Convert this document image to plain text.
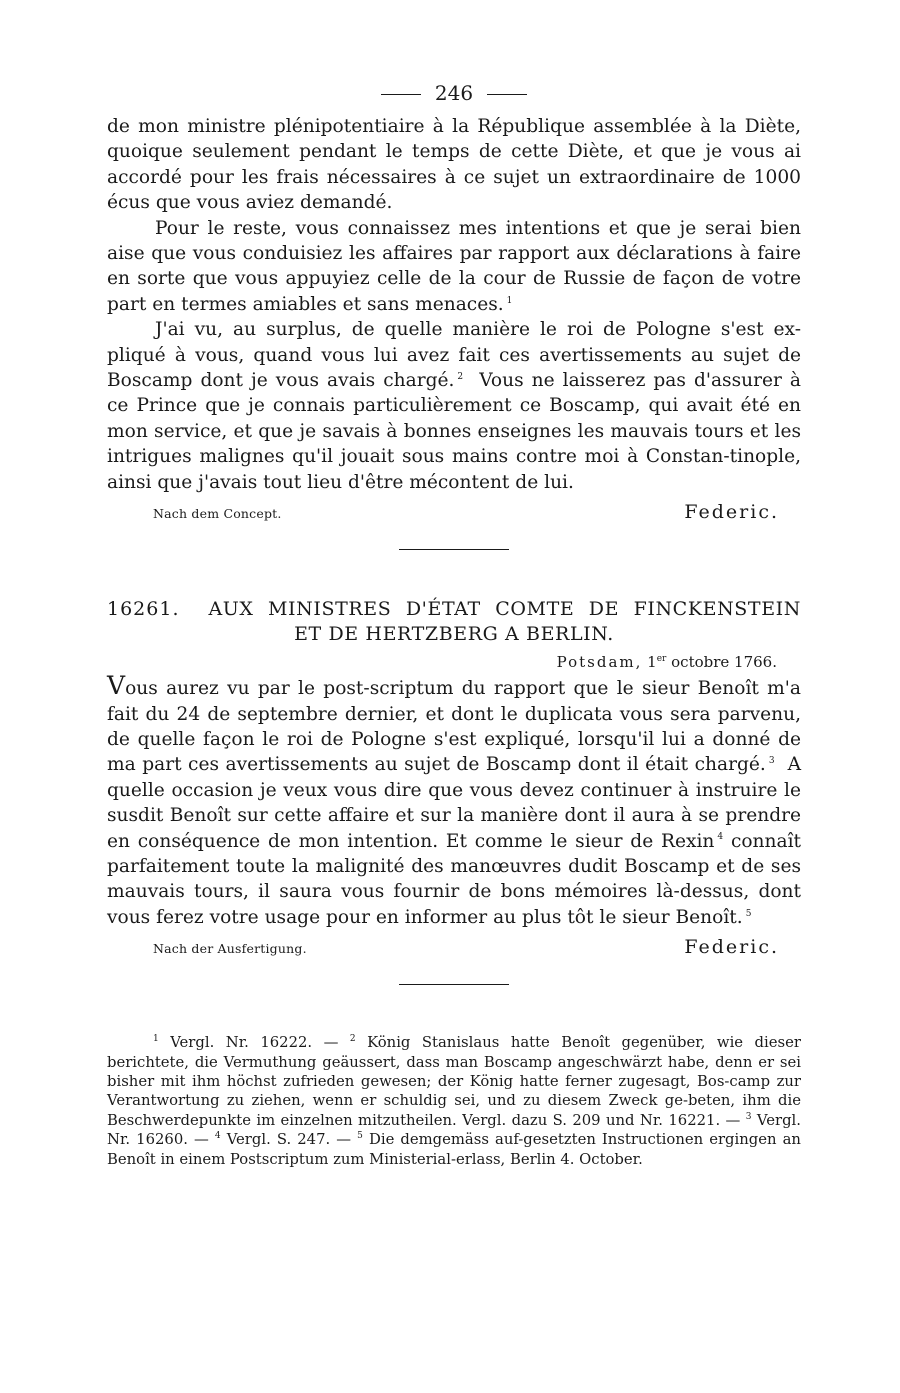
246

de mon ministre plénipotentiaire à la République assemblée à la Diète, quoique seulement pendant le temps de cette Diète, et que je vous ai accordé pour les frais nécessaires à ce sujet un extraordinaire de 1000 écus que vous aviez demandé.

Pour le reste, vous connaissez mes intentions et que je serai bien aise que vous conduisiez les affaires par rapport aux déclarations à faire en sorte que vous appuyiez celle de la cour de Russie de façon de votre part en termes amiables et sans menaces. $^1$

J'ai vu, au surplus, de quelle manière le roi de Pologne s'est ex-pliqué à vous, quand vous lui avez fait ces avertissements au sujet de Boscamp dont je vous avais chargé. $^2$ Vous ne laisserez pas d'assurer à ce Prince que je connais particulièrement ce Boscamp, qui avait été en mon service, et que je savais à bonnes enseignes les mauvais tours et les intrigues malignes qu'il jouait sous mains contre moi à Constan-tinople, ainsi que j'avais tout lieu d'être mécontent de lui.

Nach dem Concept.	Federic.
16261. AUX MINISTRES D'ÉTAT COMTE DE FINCKENSTEIN
ET DE HERTZBERG A BERLIN.
Potsdam, 1er octobre 1766.

Vous aurez vu par le post-scriptum du rapport que le sieur Benoît m'a fait du 24 de septembre dernier, et dont le duplicata vous sera parvenu, de quelle façon le roi de Pologne s'est expliqué, lorsqu'il lui a donné de ma part ces avertissements au sujet de Boscamp dont il était chargé. $^3$ A quelle occasion je veux vous dire que vous devez continuer à instruire le susdit Benoît sur cette affaire et sur la manière dont il aura à se prendre en conséquence de mon intention. Et comme le sieur de Rexin $^4$ connaît parfaitement toute la malignité des manœuvres dudit Boscamp et de ses mauvais tours, il saura vous fournir de bons mémoires là-dessus, dont vous ferez votre usage pour en informer au plus tôt le sieur Benoît. $^5$

Nach der Ausfertigung.	Federic.
$^1$ Vergl. Nr. 16222. — $^2$ König Stanislaus hatte Benoît gegenüber, wie dieser berichtete, die Vermuthung geäussert, dass man Boscamp angeschwärzt habe, denn er sei bisher mit ihm höchst zufrieden gewesen; der König hatte ferner zugesagt, Bos-camp zur Verantwortung zu ziehen, wenn er schuldig sei, und zu diesem Zweck ge-beten, ihm die Beschwerdepunkte im einzelnen mitzutheilen. Vergl. dazu S. 209 und Nr. 16221. — $^3$ Vergl. Nr. 16260. — $^4$ Vergl. S. 247. — $^5$ Die demgemäss auf-gesetzten Instructionen ergingen an Benoît in einem Postscriptum zum Ministerial-erlass, Berlin 4. October.
